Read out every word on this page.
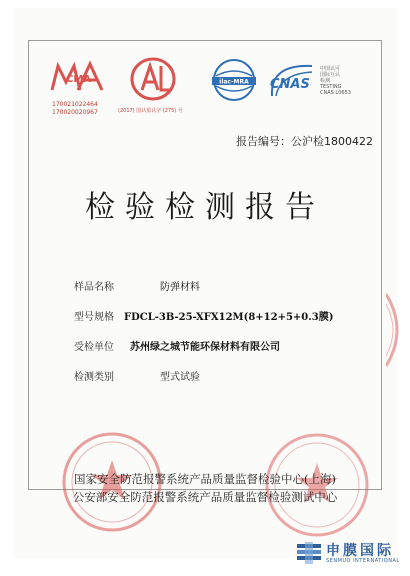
CMA
170021022464
170020020967	(2017) 国认监认字 (275) 号
ilac-MRA CNAS
中国认可
国际互认
检测
TESTING
CNAS L0653
报告编号：公沪检1800422
检验检测报告
样品名称	防弹材料
型号规格 FDCL-3B-25-XFX12M(8+12+5+0.3膜)
受检单位 苏州绿之城节能环保材料有限公司
检测类别	型式试验
国家安全防范报警系统产品质量监督检验中心(上海)
公安部安全防范报警系统产品质量监督检验测试中心
申膜国际
SENMUO INTERNATIONAL
